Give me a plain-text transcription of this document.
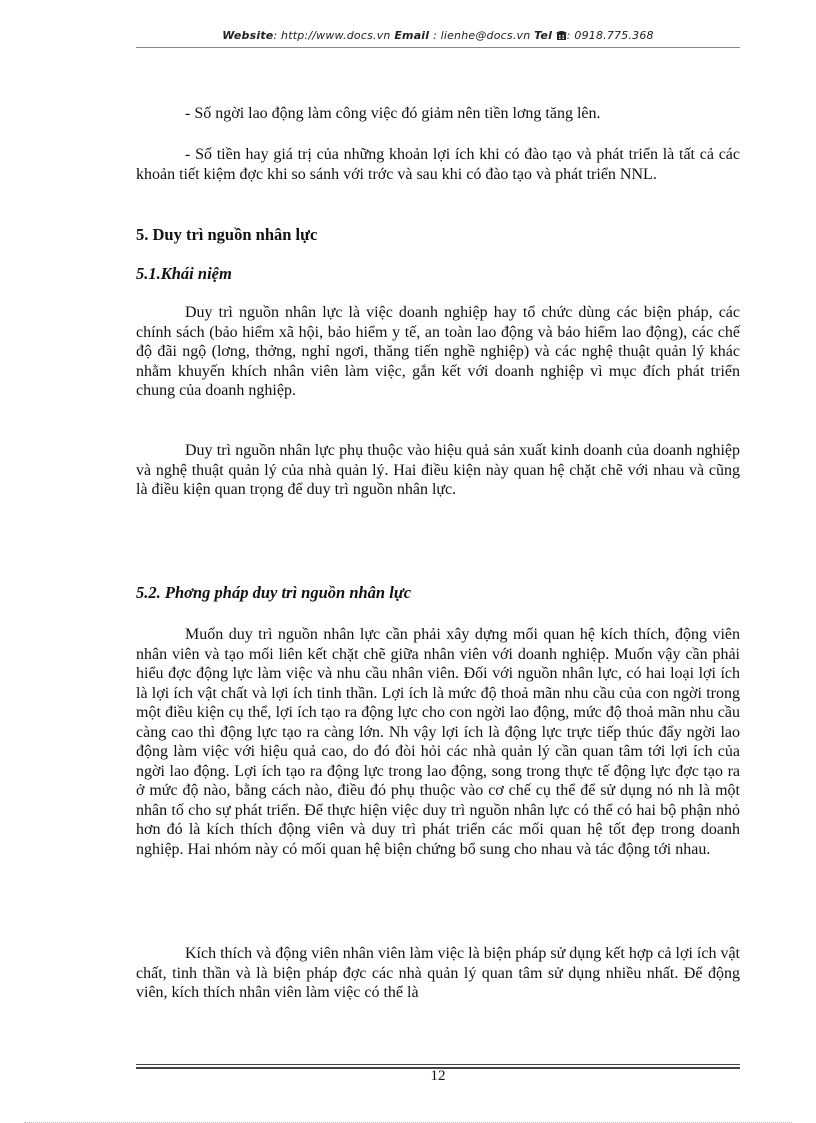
Website: http://www.docs.vn Email : lienhe@docs.vn Tel : 0918.775.368

- Số ngời lao động làm công việc đó giảm nên tiền lơng tăng lên.

- Số tiền hay giá trị của những khoản lợi ích khi có đào tạo và phát triển là tất cả các khoản tiết kiệm đợc khi so sánh với trớc và sau khi có đào tạo và phát triển NNL.

5. Duy trì nguồn nhân lực
5.1.Khái niệm

Duy trì nguồn nhân lực là việc doanh nghiệp hay tổ chức dùng các biện pháp, các chính sách (bảo hiểm xã hội, bảo hiểm y tế, an toàn lao động và bảo hiểm lao động), các chế độ đãi ngộ (lơng, thởng, nghỉ ngơi, thăng tiến nghề nghiệp) và các nghệ thuật quản lý khác nhằm khuyến khích nhân viên làm việc, gắn kết với doanh nghiệp vì mục đích phát triển chung của doanh nghiệp.

Duy trì nguồn nhân lực phụ thuộc vào hiệu quả sản xuất kinh doanh của doanh nghiệp và nghệ thuật quản lý của nhà quản lý. Hai điều kiện này quan hệ chặt chẽ với nhau và cũng là điều kiện quan trọng để duy trì nguồn nhân lực.

5.2. Phơng pháp duy trì nguồn nhân lực

Muốn duy trì nguồn nhân lực cần phải xây dựng mối quan hệ kích thích, động viên nhân viên và tạo mối liên kết chặt chẽ giữa nhân viên với doanh nghiệp. Muốn vậy cần phải hiểu đợc động lực làm việc và nhu cầu nhân viên. Đối với nguồn nhân lực, có hai loại lợi ích là lợi ích vật chất và lợi ích tinh thần. Lợi ích là mức độ thoả mãn nhu cầu của con ngời trong một điều kiện cụ thể, lợi ích tạo ra động lực cho con ngời lao động, mức độ thoả mãn nhu cầu càng cao thì động lực tạo ra càng lớn. Nh vậy lợi ích là động lực trực tiếp thúc đẩy ngời lao động làm việc với hiệu quả cao, do đó đòi hỏi các nhà quản lý cần quan tâm tới lợi ích của ngời lao động. Lợi ích tạo ra động lực trong lao động, song trong thực tế động lực đợc tạo ra ở mức độ nào, bằng cách nào, điều đó phụ thuộc vào cơ chế cụ thể để sử dụng nó nh là một nhân tố cho sự phát triển. Để thực hiện việc duy trì nguồn nhân lực có thể có hai bộ phận nhỏ hơn đó là kích thích động viên và duy trì phát triển các mối quan hệ tốt đẹp trong doanh nghiệp. Hai nhóm này có mối quan hệ biện chứng bổ sung cho nhau và tác động tới nhau.

Kích thích và động viên nhân viên làm việc là biện pháp sử dụng kết hợp cả lợi ích vật chất, tinh thần và là biện pháp đợc các nhà quản lý quan tâm sử dụng nhiều nhất. Để động viên, kích thích nhân viên làm việc có thể là

12
